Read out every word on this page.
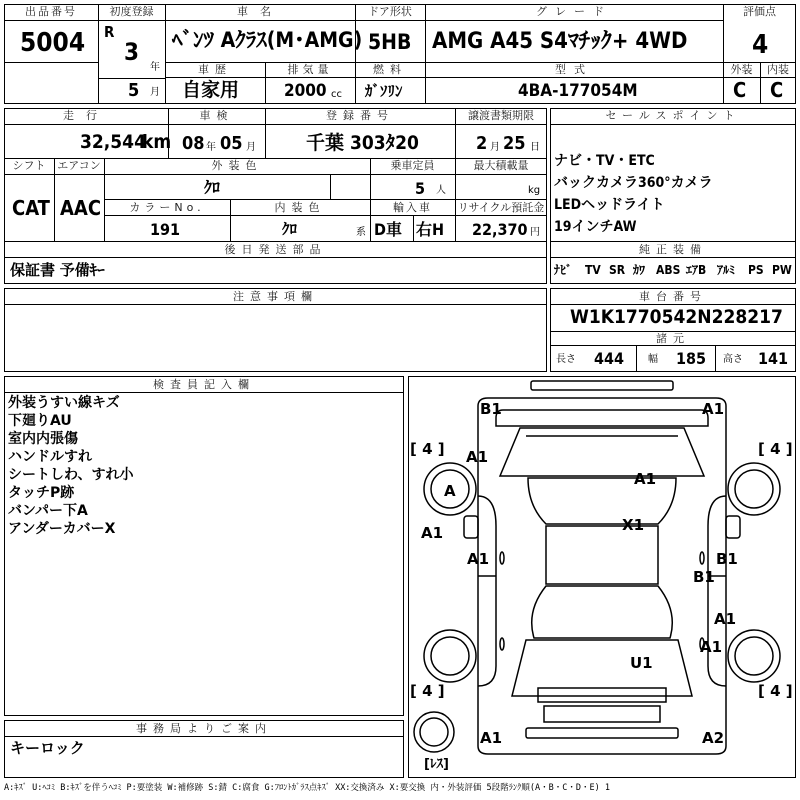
出品番号
5004
初度登録
R
3
年
5 月
車名
ﾍﾞﾝﾂ Aｸﾗｽ(M･AMG)
ドア形状
5HB
グレード
AMG A45 S4ﾏﾁｯｸ+ 4WD
評価点
4
車歴
自家用
排気量
2000 cc
燃料
ｶﾞｿﾘﾝ
型式
4BA-177054M
外装	内装
C C
走行
32,544
km
車検
08 年 05 月
登録番号
千葉 303ﾀ20
譲渡書類期限
2 月 25 日
シフト	エアコン
CAT AAC
外装色
ｸﾛ
乗車定員
5 人
最大積載量
kg
カラーNo.
191
内装色
ｸﾛ	系
輸入車
D車 右H
リサイクル預託金
22,370 円
後日発送部品
保証書 予備ｷｰ
セールスポイント
ナビ・TV・ETC
バックカメラ360°カメラ
LEDヘッドライト
19インチAW
純正装備
ﾅﾋﾞ TV SR ｶﾜ ABS ｴｱB ｱﾙﾐ PS PW
注意事項欄	車台番号
W1K1770542N228217
諸元
長さ 444 幅 185 高さ 141
検査員記入欄
外装うすい線キズ
下廻りAU
室内内張傷
ハンドルすれ
シートしわ、すれ小
タッチP跡
バンパー下A
アンダーカバーX
事務局よりご案内
キーロック
[ 4 ]	[ 4 ]
[ 4 ]	[ 4 ]
[ﾚｽ]
B1	A1
A1
A
A1
X1
A1
A1	B1
B1
A1
A1
U1
A1	A2
A:ｷｽﾞ U:ﾍｺﾐ B:ｷｽﾞを伴うﾍｺﾐ P:要塗装 W:補修跡 S:錆 C:腐食 G:ﾌﾛﾝﾄｶﾞﾗｽ点ｷｽﾞ XX:交換済み X:要交換 内・外装評価 5段階ﾗﾝｸ順(A・B・C・D・E) 1
